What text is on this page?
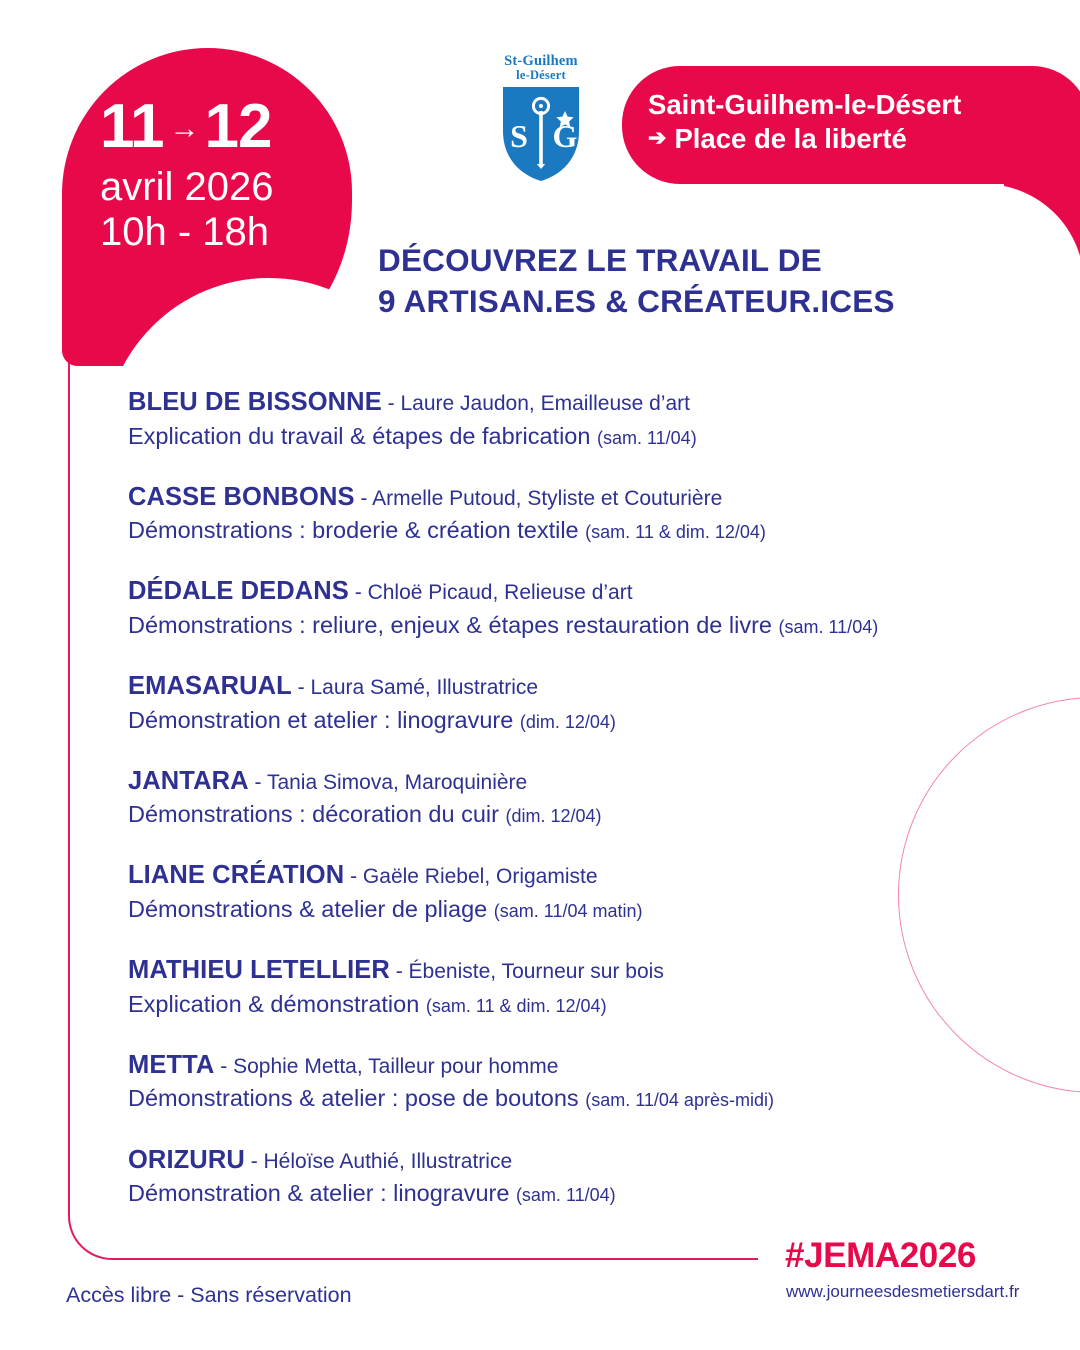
11 → 12
avril 2026
10h - 18h
St-Guilhem
le-Désert
S G
Saint-Guilhem-le-Désert
➔ Place de la liberté
DÉCOUVREZ LE TRAVAIL DE
9 ARTISAN.ES & CRÉATEUR.ICES
BLEU DE BISSONNE - Laure Jaudon, Emailleuse d’art
Explication du travail & étapes de fabrication (sam. 11/04)
CASSE BONBONS - Armelle Putoud, Styliste et Couturière
Démonstrations : broderie & création textile (sam. 11 & dim. 12/04)
DÉDALE DEDANS - Chloë Picaud, Relieuse d’art
Démonstrations : reliure, enjeux & étapes restauration de livre (sam. 11/04)
EMASARUAL - Laura Samé, Illustratrice
Démonstration et atelier : linogravure (dim. 12/04)
JANTARA - Tania Simova, Maroquinière
Démonstrations : décoration du cuir (dim. 12/04)
LIANE CRÉATION - Gaële Riebel, Origamiste
Démonstrations & atelier de pliage (sam. 11/04 matin)
MATHIEU LETELLIER - Ébeniste, Tourneur sur bois
Explication & démonstration (sam. 11 & dim. 12/04)
METTA - Sophie Metta, Tailleur pour homme
Démonstrations & atelier : pose de boutons (sam. 11/04 après-midi)
ORIZURU - Héloïse Authié, Illustratrice
Démonstration & atelier : linogravure (sam. 11/04)
Accès libre - Sans réservation
#JEMA2026
www.journeesdesmetiersdart.fr
